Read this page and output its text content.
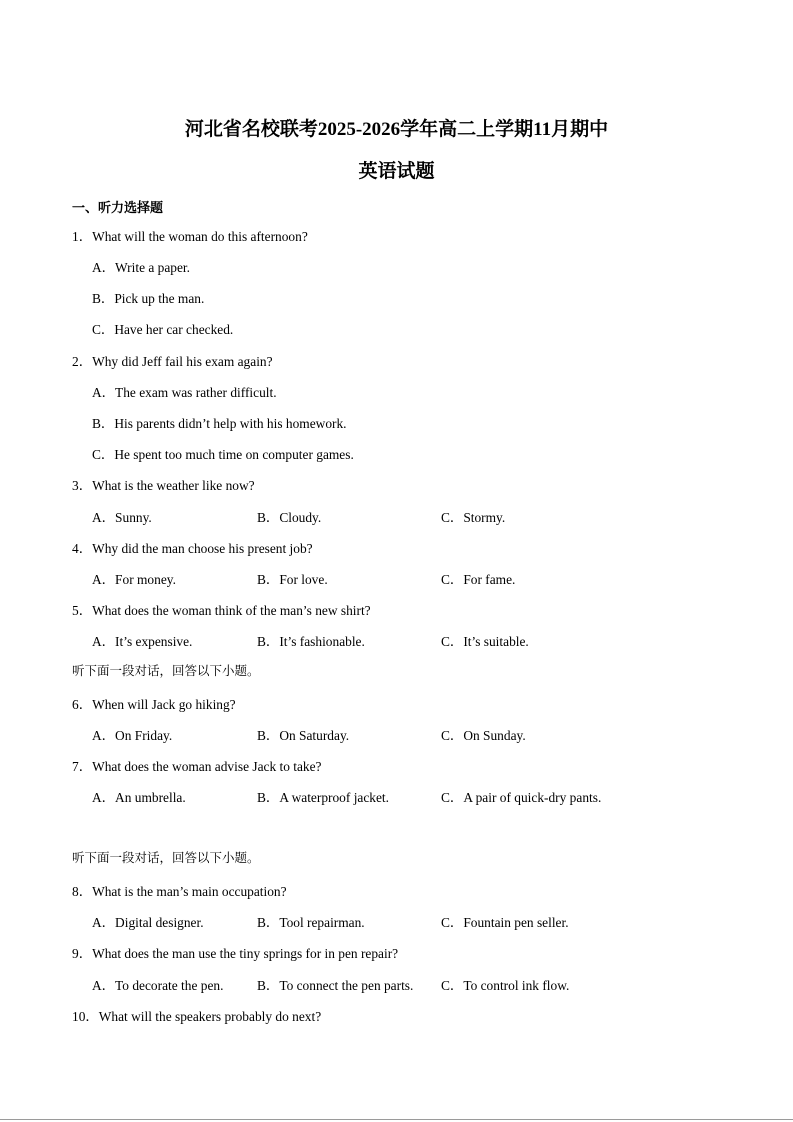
河北省名校联考2025-2026学年高二上学期11月期中
英语试题
一、听力选择题
1．What will the woman do this afternoon?
A．Write a paper.
B．Pick up the man.
C．Have her car checked.
2．Why did Jeff fail his exam again?
A．The exam was rather difficult.
B．His parents didn’t help with his homework.
C．He spent too much time on computer games.
3．What is the weather like now?
A．Sunny.	B．Cloudy.	C．Stormy.
4．Why did the man choose his present job?
A．For money.	B．For love.	C．For fame.
5．What does the woman think of the man’s new shirt?
A．It’s expensive.	B．It’s fashionable.	C．It’s suitable.
听下面一段对话，回答以下小题。
6．When will Jack go hiking?
A．On Friday.	B．On Saturday.	C．On Sunday.
7．What does the woman advise Jack to take?
A．An umbrella.	B．A waterproof jacket.	C．A pair of quick-dry pants.
听下面一段对话，回答以下小题。
8．What is the man’s main occupation?
A．Digital designer.	B．Tool repairman.	C．Fountain pen seller.
9．What does the man use the tiny springs for in pen repair?
A．To decorate the pen.	B．To connect the pen parts. C．To control ink flow.
10．What will the speakers probably do next?
